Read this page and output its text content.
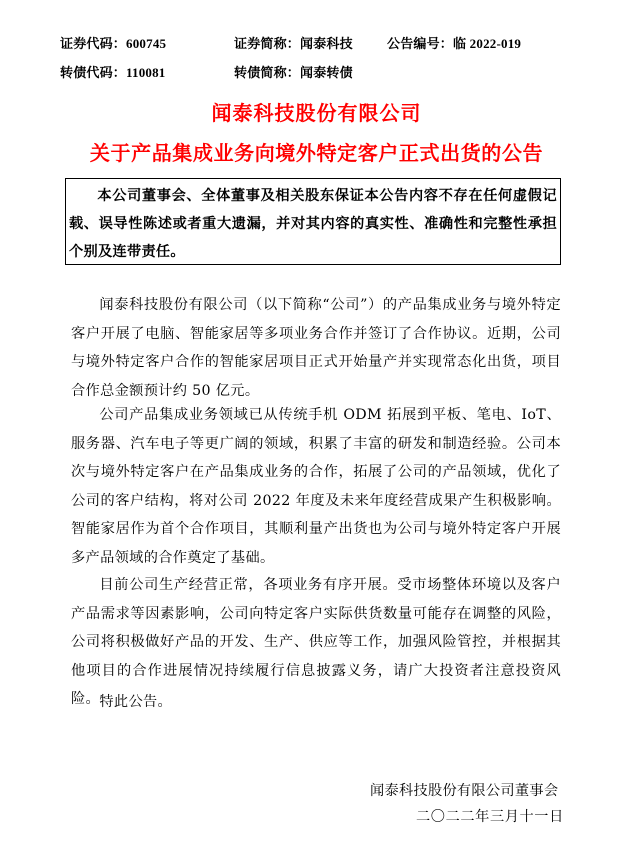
证券代码：600745	证券简称：闻泰科技	公告编号：临 2022-019
转债代码：110081	转债简称：闻泰转债
闻泰科技股份有限公司
关于产品集成业务向境外特定客户正式出货的公告

本公司董事会、全体董事及相关股东保证本公告内容不存在任何虚假记载、误导性陈述或者重大遗漏，并对其内容的真实性、准确性和完整性承担个别及连带责任。

闻泰科技股份有限公司（以下简称“公司”）的产品集成业务与境外特定客户开展了电脑、智能家居等多项业务合作并签订了合作协议。近期，公司与境外特定客户合作的智能家居项目正式开始量产并实现常态化出货，项目合作总金额预计约 50 亿元。

公司产品集成业务领域已从传统手机 ODM 拓展到平板、笔电、IoT、服务器、汽车电子等更广阔的领域，积累了丰富的研发和制造经验。公司本次与境外特定客户在产品集成业务的合作，拓展了公司的产品领域，优化了公司的客户结构，将对公司 2022 年度及未来年度经营成果产生积极影响。智能家居作为首个合作项目，其顺利量产出货也为公司与境外特定客户开展多产品领域的合作奠定了基础。

目前公司生产经营正常，各项业务有序开展。受市场整体环境以及客户产品需求等因素影响，公司向特定客户实际供货数量可能存在调整的风险，公司将积极做好产品的开发、生产、供应等工作，加强风险管控，并根据其他项目的合作进展情况持续履行信息披露义务，请广大投资者注意投资风险。 特此公告。

闻泰科技股份有限公司董事会
二〇二二年三月十一日
